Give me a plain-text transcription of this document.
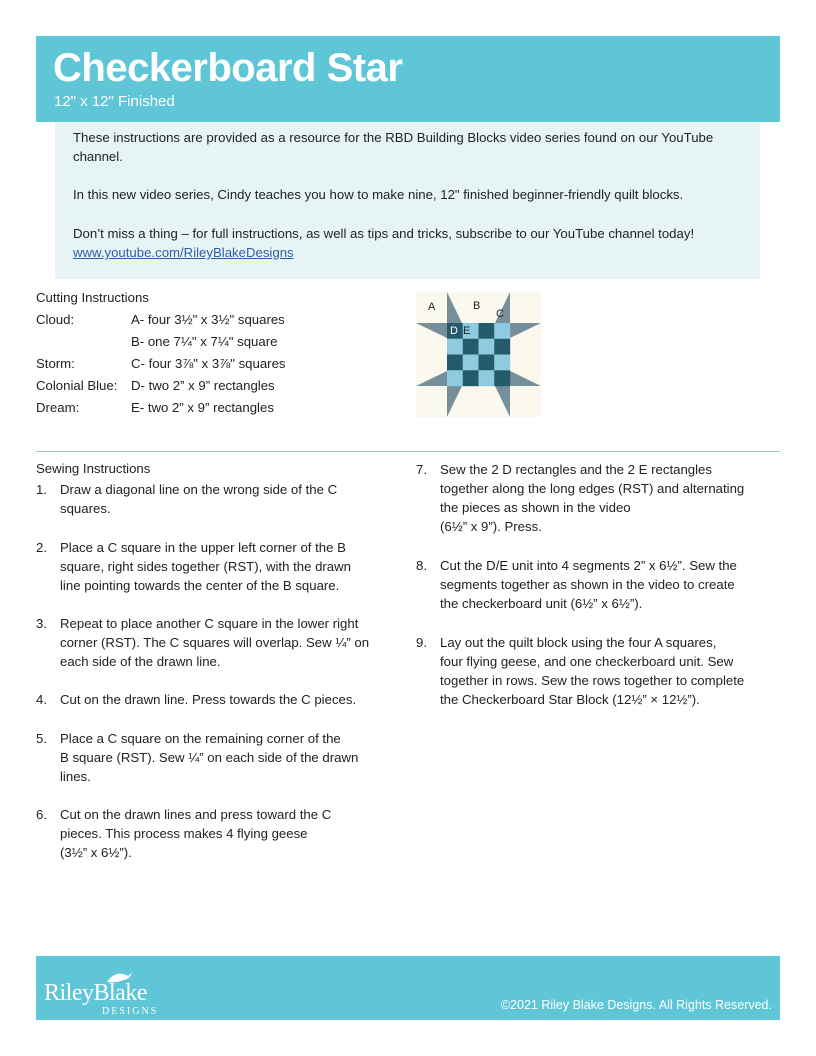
Checkerboard Star
12" x 12" Finished

These instructions are provided as a resource for the RBD Building Blocks video series found on our YouTube channel.

In this new video series, Cindy teaches you how to make nine, 12" finished beginner-friendly quilt blocks.

Don’t miss a thing – for full instructions, as well as tips and tricks, subscribe to our YouTube channel today! www.youtube.com/RileyBlakeDesigns

Cutting Instructions
Cloud:	A- four 3½" x 3½" squares
B- one 7¼" x 7¼" square
Storm:	C- four 3⅞" x 3⅞" squares
Colonial Blue: D- two 2” x 9” rectangles
Dream:	E- two 2” x 9” rectangles
A	B
C
D E
Sewing Instructions
1. Draw a diagonal line on the wrong side of the C
squares.
2. Place a C square in the upper left corner of the B
square, right sides together (RST), with the drawn
line pointing towards the center of the B square.
3. Repeat to place another C square in the lower right
corner (RST). The C squares will overlap. Sew ¼” on
each side of the drawn line.
4. Cut on the drawn line. Press towards the C pieces.
5. Place a C square on the remaining corner of the
B square (RST). Sew ¼” on each side of the drawn
lines.
6. Cut on the drawn lines and press toward the C
pieces. This process makes 4 flying geese
(3½” x 6½”).
7. Sew the 2 D rectangles and the 2 E rectangles
together along the long edges (RST) and alternating
the pieces as shown in the video
(6½” x 9”). Press.
8. Cut the D/E unit into 4 segments 2” x 6½”. Sew the
segments together as shown in the video to create
the checkerboard unit (6½” x 6½”).
9. Lay out the quilt block using the four A squares,
four flying geese, and one checkerboard unit. Sew
together in rows. Sew the rows together to complete
the Checkerboard Star Block (12½” × 12½”).
RileyBlake
DESIGNS	©2021 Riley Blake Designs. All Rights Reserved.
